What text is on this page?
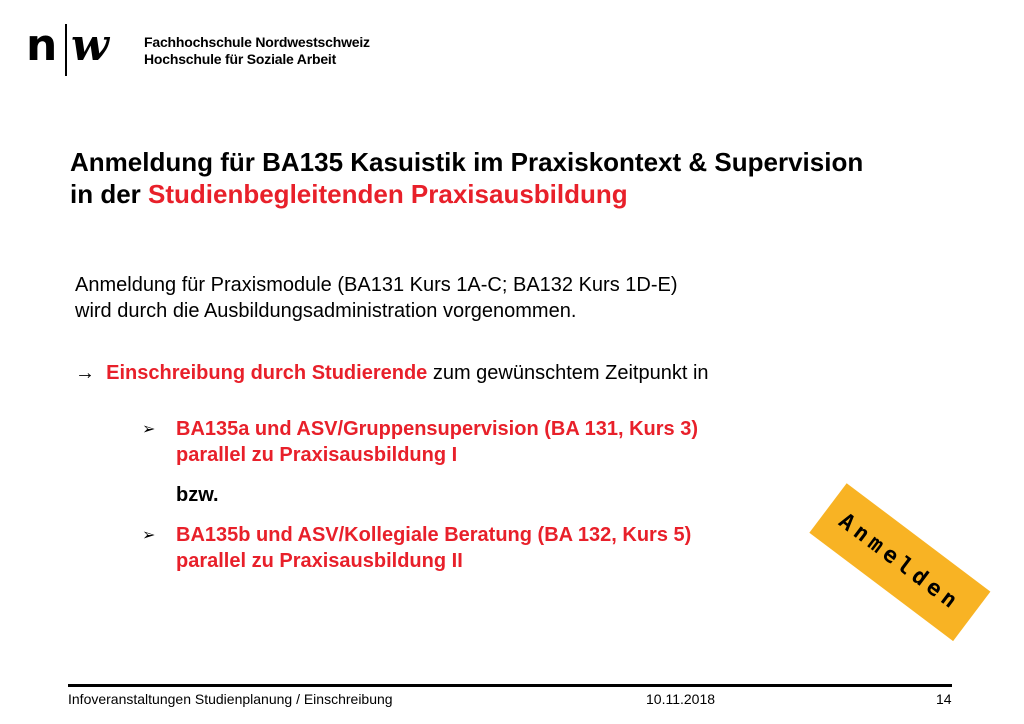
n w	Fachhochschule Nordwestschweiz
Hochschule für Soziale Arbeit
Anmeldung für BA135 Kasuistik im Praxiskontext & Supervision
in der Studienbegleitenden Praxisausbildung

Anmeldung für Praxismodule (BA131 Kurs 1A-C; BA132 Kurs 1D-E)

wird durch die Ausbildungsadministration vorgenommen.

→ Einschreibung durch Studierende zum gewünschtem Zeitpunkt in
➢ BA135a und ASV/Gruppensupervision (BA 131, Kurs 3)
parallel zu Praxisausbildung I
bzw.
➢ BA135b und ASV/Kollegiale Beratung (BA 132, Kurs 5)
parallel zu Praxisausbildung II	Anmelden
Infoveranstaltungen Studienplanung / Einschreibung	10.11.2018	14
